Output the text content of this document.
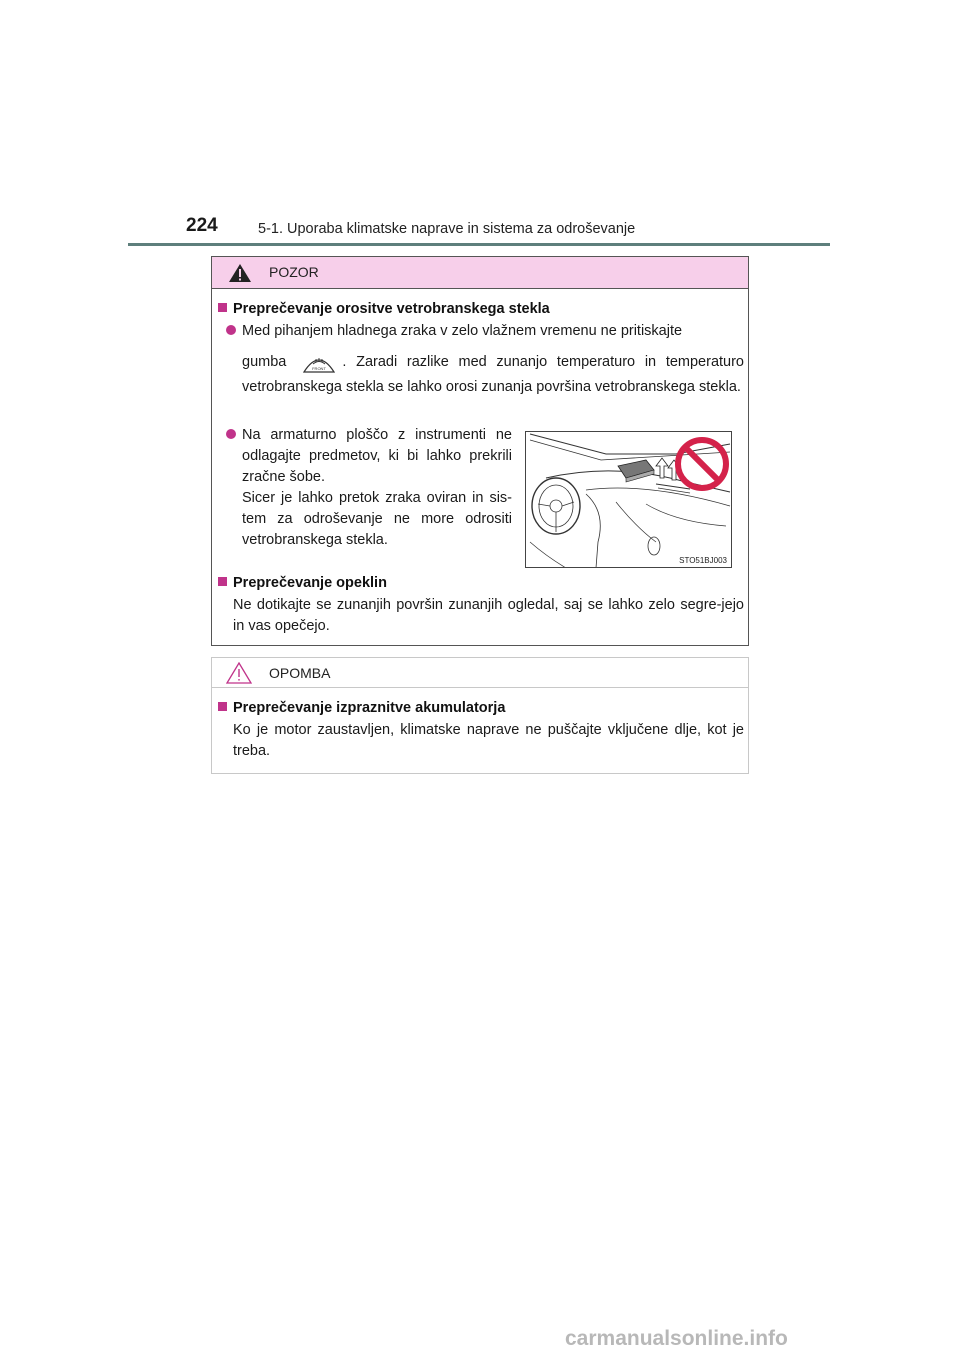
224	5-1. Uporaba klimatske naprave in sistema za odroševanje
POZOR
Preprečevanje orositve vetrobranskega stekla
Med pihanjem hladnega zraka v zelo vlažnem vremenu ne pritiskajte
gumba	FRONT . Zaradi razlike med zunanjo temperaturo in temperaturo
vetrobranskega stekla se lahko orosi zunanja površina vetrobranskega stekla.
Na armaturno ploščo z instrumenti ne odlagajte predmetov, ki bi lahko prekrili zračne šobe.
Sicer je lahko pretok zraka oviran in sis-tem za odroševanje ne more odrositi vetrobranskega stekla.
STO51BJ003
Preprečevanje opeklin
Ne dotikajte se zunanjih površin zunanjih ogledal, saj se lahko zelo segre-jejo in vas opečejo.
OPOMBA
Preprečevanje izpraznitve akumulatorja
Ko je motor zaustavljen, klimatske naprave ne puščajte vključene dlje, kot je treba.
carmanualsonline.info
